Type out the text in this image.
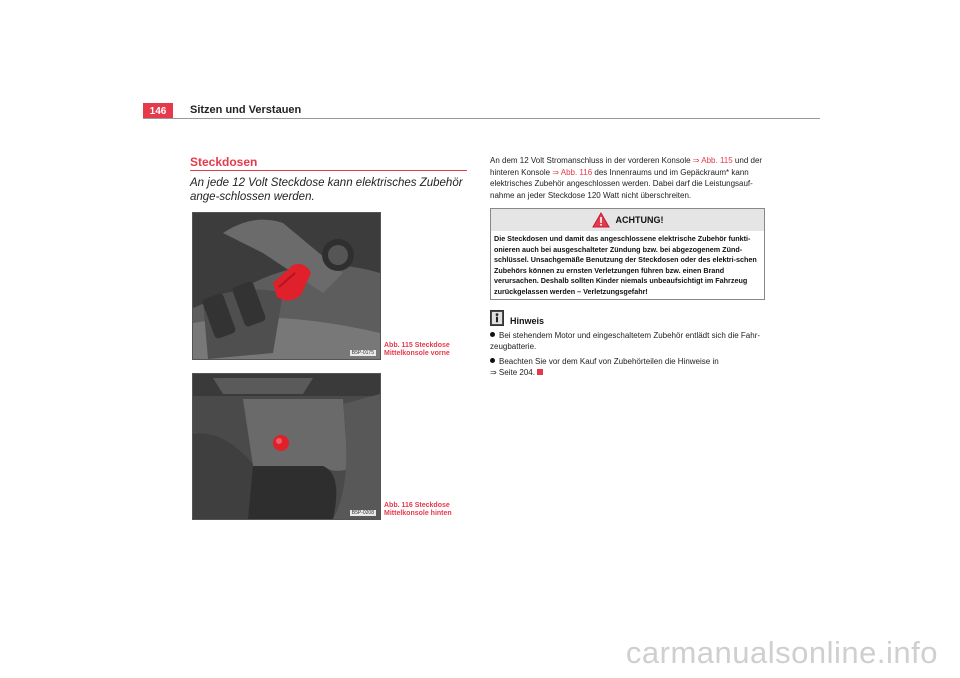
146	Sitzen und Verstauen
Steckdosen
An jede 12 Volt Steckdose kann elektrisches Zubehör ange-schlossen werden.
B5P-0175
Abb. 115 Steckdose
Mittelkonsole vorne
B5P-0208
Abb. 116 Steckdose
Mittelkonsole hinten
An dem 12 Volt Stromanschluss in der vorderen Konsole ⇒ Abb. 115 und der hinteren Konsole ⇒ Abb. 116 des Innenraums und im Gepäckraum* kann elektrisches Zubehör angeschlossen werden. Dabei darf die Leistungsauf-nahme an jeder Steckdose 120 Watt nicht überschreiten.
ACHTUNG!
Die Steckdosen und damit das angeschlossene elektrische Zubehör funkti-onieren auch bei ausgeschalteter Zündung bzw. bei abgezogenem Zünd-schlüssel. Unsachgemäße Benutzung der Steckdosen oder des elektri-schen Zubehörs können zu ernsten Verletzungen führen bzw. einen Brand verursachen. Deshalb sollten Kinder niemals unbeaufsichtigt im Fahrzeug zurückgelassen werden – Verletzungsgefahr!
Hinweis
Bei stehendem Motor und eingeschaltetem Zubehör entlädt sich die Fahr-zeugbatterie.
Beachten Sie vor dem Kauf von Zubehörteilen die Hinweise in
⇒ Seite 204.
carmanualsonline.info
